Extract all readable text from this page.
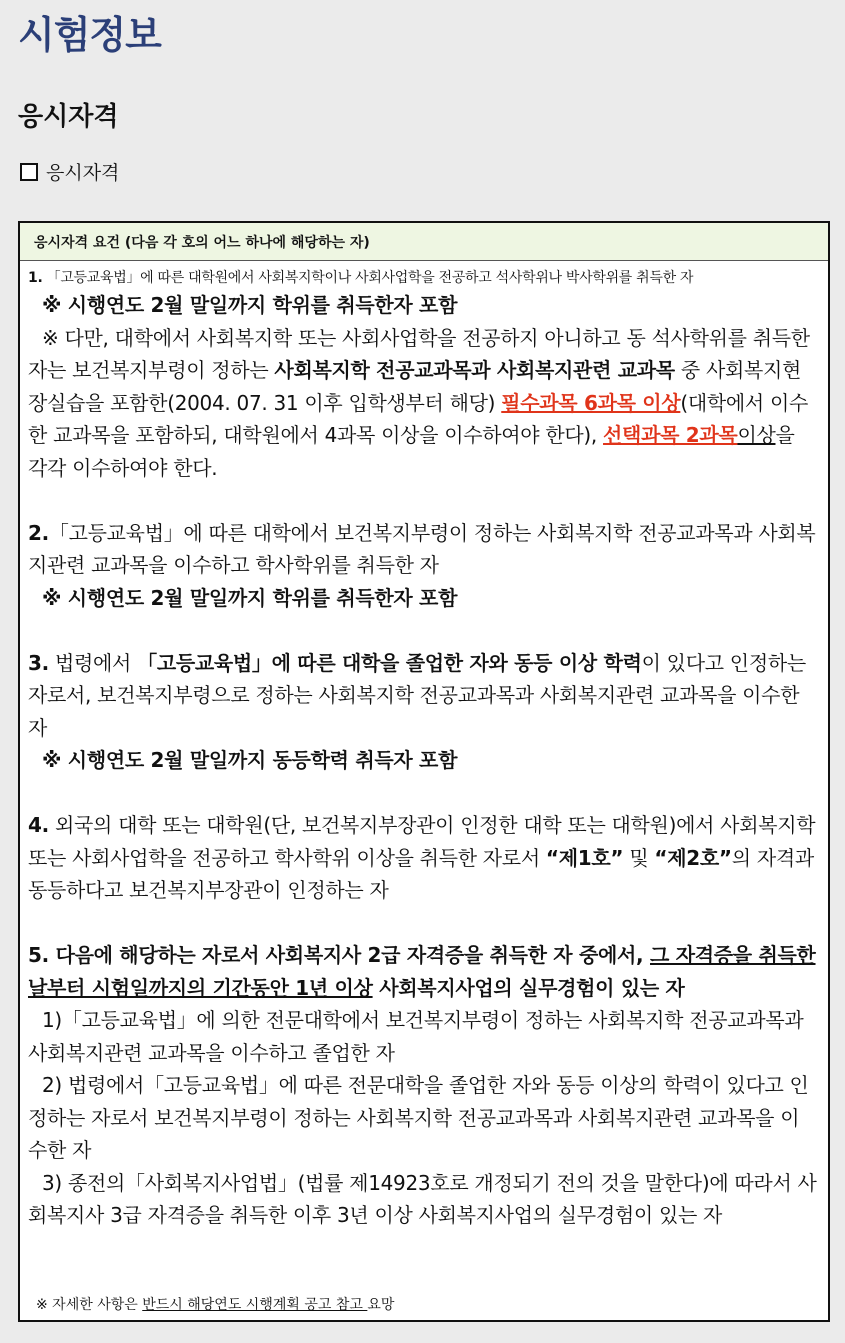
시험정보
응시자격
응시자격
응시자격 요건 (다음 각 호의 어느 하나에 해당하는 자)

1. 「고등교육법」에 따른 대학원에서 사회복지학이나 사회사업학을 전공하고 석사학위나 박사학위를 취득한 자

※ 시행연도 2월 말일까지 학위를 취득한자 포함

※ 다만, 대학에서 사회복지학 또는 사회사업학을 전공하지 아니하고 동 석사학위를 취득한 자는 보건복지부령이 정하는 사회복지학 전공교과목과 사회복지관련 교과목 중 사회복지현장실습을 포함한(2004. 07. 31 이후 입학생부터 해당) 필수과목 6과목 이상(대학에서 이수한 교과목을 포함하되, 대학원에서 4과목 이상을 이수하여야 한다), 선택과목 2과목이상을 각각 이수하여야 한다.

2.「고등교육법」에 따른 대학에서 보건복지부령이 정하는 사회복지학 전공교과목과 사회복지관련 교과목을 이수하고 학사학위를 취득한 자

※ 시행연도 2월 말일까지 학위를 취득한자 포함

3. 법령에서 「고등교육법」에 따른 대학을 졸업한 자와 동등 이상 학력이 있다고 인정하는 자로서, 보건복지부령으로 정하는 사회복지학 전공교과목과 사회복지관련 교과목을 이수한 자

※ 시행연도 2월 말일까지 동등학력 취득자 포함

4. 외국의 대학 또는 대학원(단, 보건복지부장관이 인정한 대학 또는 대학원)에서 사회복지학 또는 사회사업학을 전공하고 학사학위 이상을 취득한 자로서 “제1호” 및 “제2호”의 자격과 동등하다고 보건복지부장관이 인정하는 자

5. 다음에 해당하는 자로서 사회복지사 2급 자격증을 취득한 자 중에서, 그 자격증을 취득한 날부터 시험일까지의 기간동안 1년 이상 사회복지사업의 실무경험이 있는 자

1)「고등교육법」에 의한 전문대학에서 보건복지부령이 정하는 사회복지학 전공교과목과 사회복지관련 교과목을 이수하고 졸업한 자

2) 법령에서「고등교육법」에 따른 전문대학을 졸업한 자와 동등 이상의 학력이 있다고 인정하는 자로서 보건복지부령이 정하는 사회복지학 전공교과목과 사회복지관련 교과목을 이수한 자

3) 종전의「사회복지사업법」(법률 제14923호로 개정되기 전의 것을 말한다)에 따라서 사회복지사 3급 자격증을 취득한 이후 3년 이상 사회복지사업의 실무경험이 있는 자

※ 자세한 사항은 반드시 해당연도 시행계획 공고 참고 요망
